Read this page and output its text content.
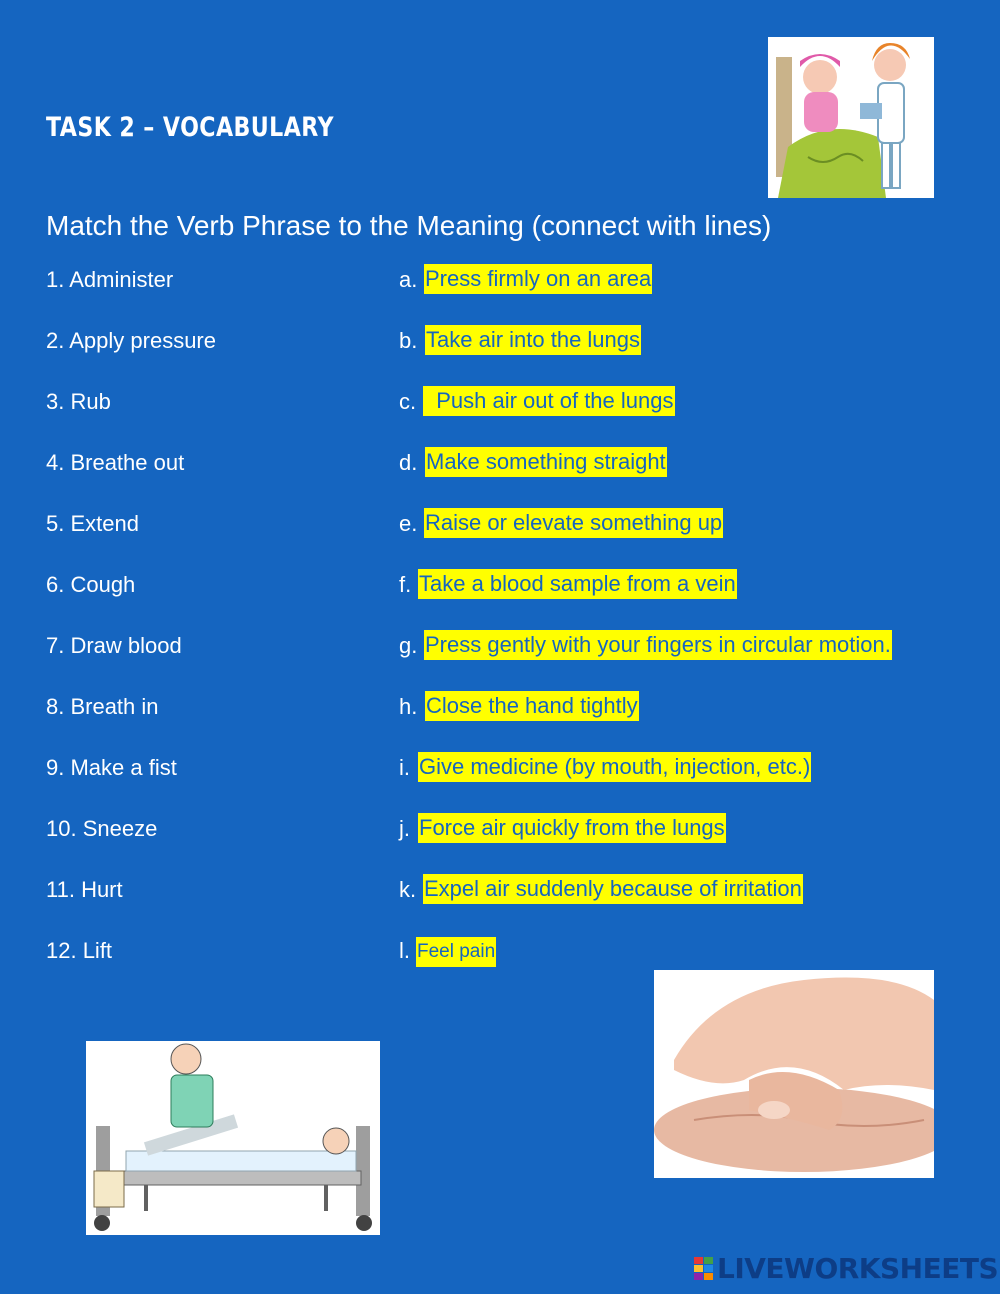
TASK 2 – VOCABULARY
Match the Verb Phrase to the Meaning (connect with lines)
1. Administer	a. Press firmly on an area
2. Apply pressure	b. Take air into the lungs
3. Rub	c. Push air out of the lungs
4. Breathe out	d. Make something straight
5. Extend	e. Raise or elevate something up
6. Cough	f. Take a blood sample from a vein
7. Draw blood	g. Press gently with your fingers in circular motion.
8. Breath in	h. Close the hand tightly
9. Make a fist	i. Give medicine (by mouth, injection, etc.)
10. Sneeze	j. Force air quickly from the lungs
11. Hurt	k. Expel air suddenly because of irritation
12. Lift	l. Feel pain
LIVEWORKSHEETS
